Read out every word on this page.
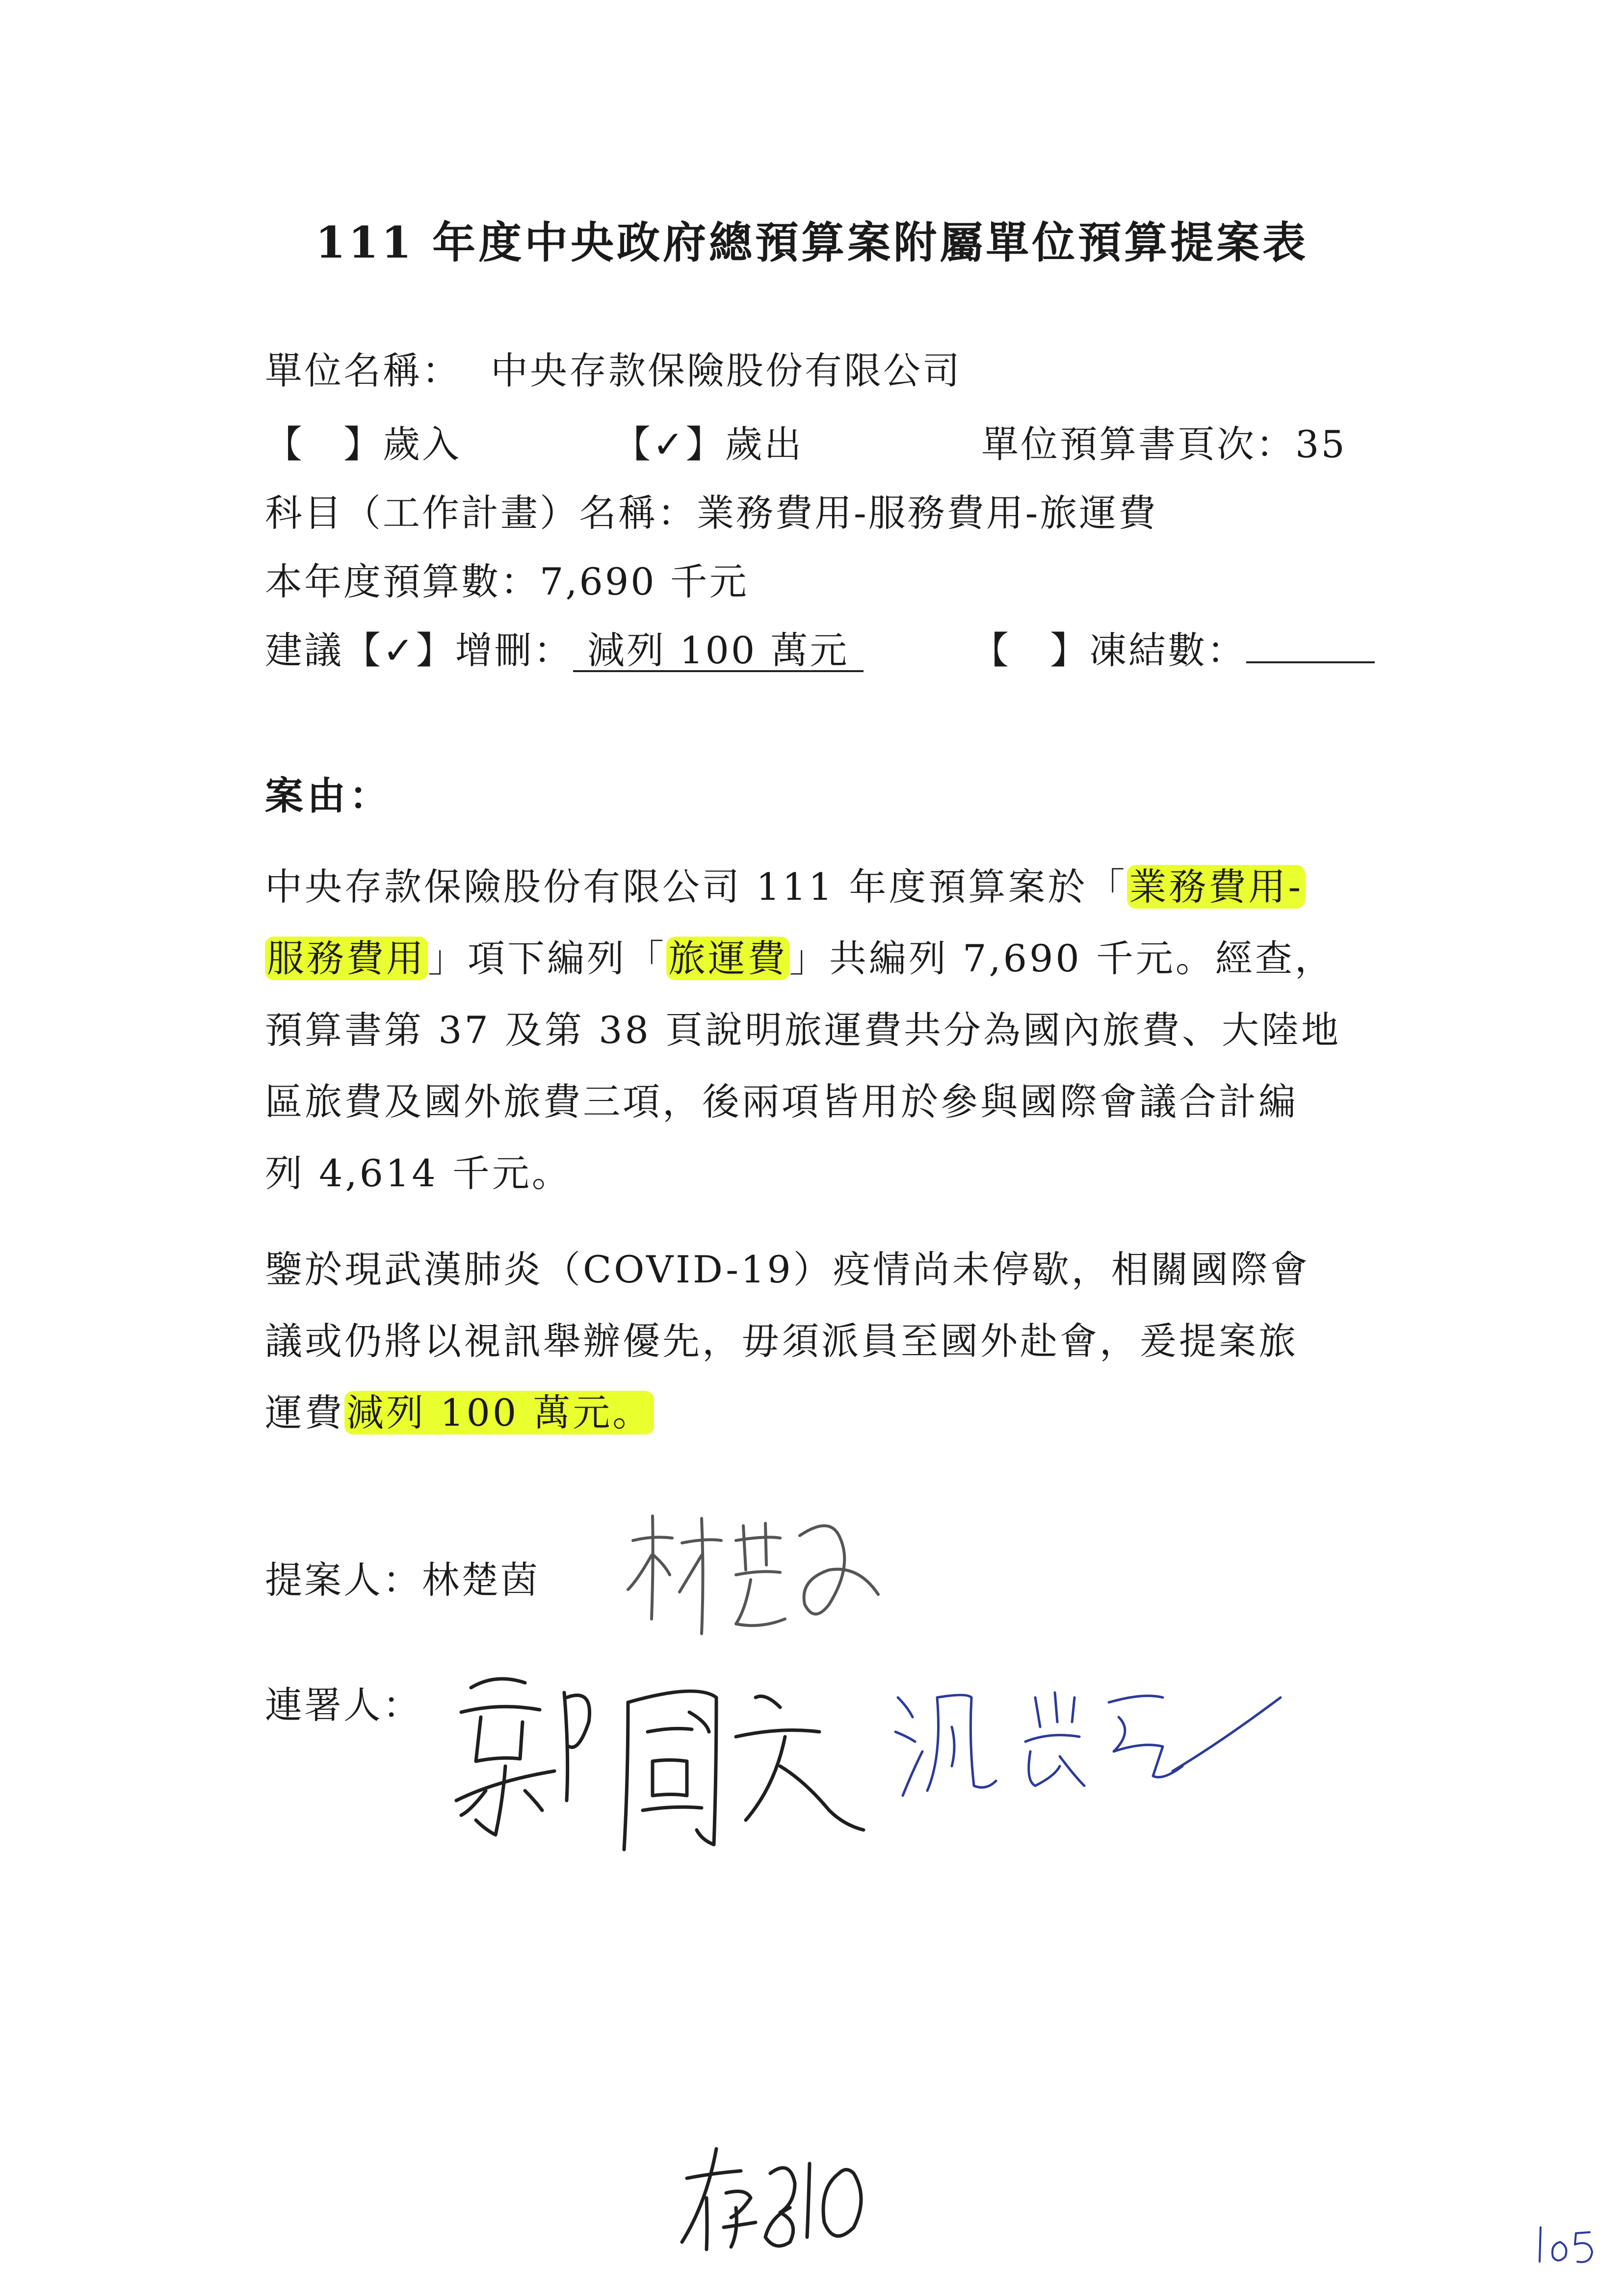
111 年度中央政府總預算案附屬單位預算提案表
單位名稱： 中央存款保險股份有限公司
【　】歲入	【✓】歲出	單位預算書頁次：35
科目（工作計畫）名稱：業務費用-服務費用-旅運費
本年度預算數：7,690 千元
建議【✓】增刪： 減列 100 萬元	【　】凍結數：
案由：
中央存款保險股份有限公司 111 年度預算案於「業務費用-
服務費用」項下編列「旅運費」共編列 7,690 千元。經查，
預算書第 37 及第 38 頁說明旅運費共分為國內旅費、大陸地
區旅費及國外旅費三項，後兩項皆用於參與國際會議合計編
列 4,614 千元。
鑒於現武漢肺炎（COVID-19）疫情尚未停歇，相關國際會
議或仍將以視訊舉辦優先，毋須派員至國外赴會，爰提案旅
運費減列 100 萬元。
提案人：林楚茵
連署人：
